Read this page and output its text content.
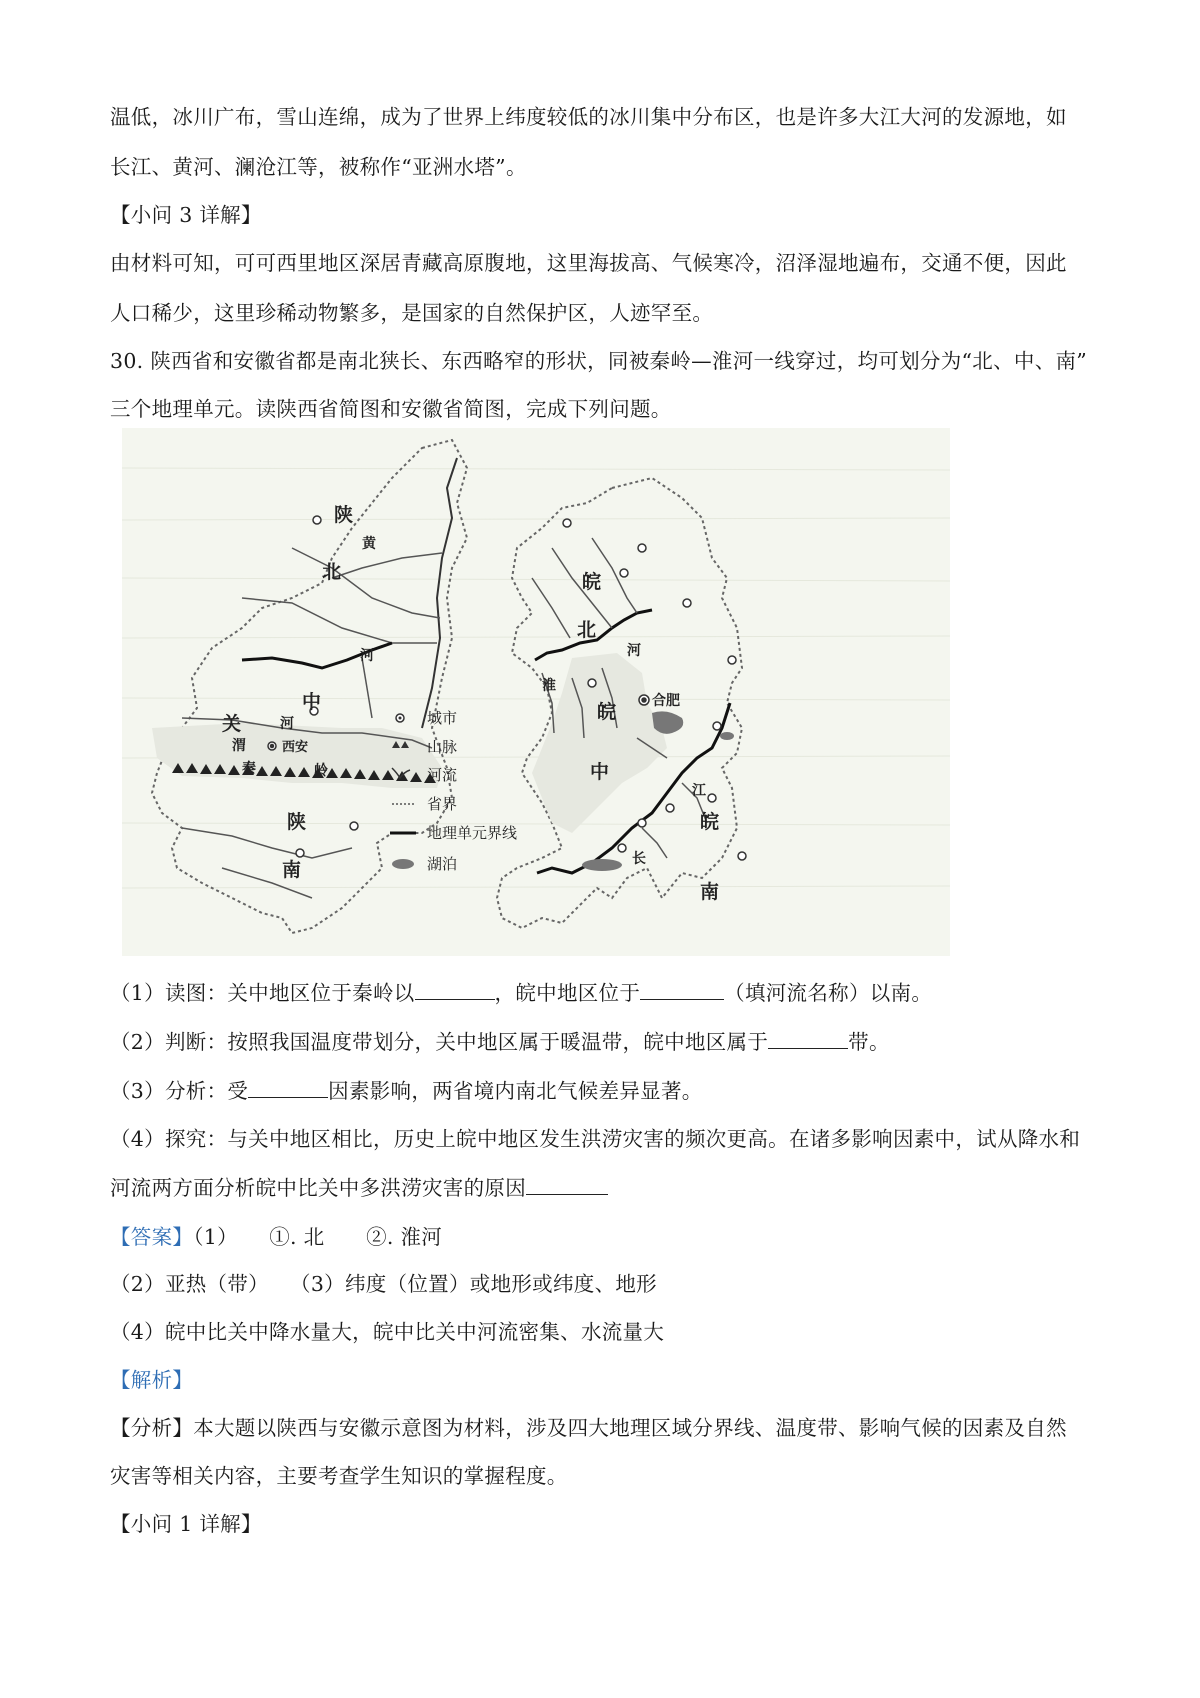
温低，冰川广布，雪山连绵，成为了世界上纬度较低的冰川集中分布区，也是许多大江大河的发源地，如
长江、黄河、澜沧江等，被称作“亚洲水塔”。
【小问 3 详解】
由材料可知，可可西里地区深居青藏高原腹地，这里海拔高、气候寒冷，沼泽湿地遍布，交通不便，因此
人口稀少，这里珍稀动物繁多，是国家的自然保护区，人迹罕至。
30. 陕西省和安徽省都是南北狭长、东西略窄的形状，同被秦岭—淮河一线穿过，均可划分为“北、中、南”
三个地理单元。读陕西省简图和安徽省简图，完成下列问题。
陕
北
黄
河
关
中
河
渭	西安
秦	岭
陕
南
城市
山脉
河流
省界
地理单元界线
湖泊
皖
北
河
淮
皖	合肥
中
江
皖
长
南
（1）读图：关中地区位于秦岭以	，皖中地区位于	（填河流名称）以南。
（2）判断：按照我国温度带划分，关中地区属于暖温带，皖中地区属于	带。
（3）分析：受	因素影响，两省境内南北气候差异显著。
（4）探究：与关中地区相比，历史上皖中地区发生洪涝灾害的频次更高。在诸多影响因素中，试从降水和
河流两方面分析皖中比关中多洪涝灾害的原因
【答案】（1）　　①. 北　　②. 淮河
（2）亚热（带）　　（3）纬度（位置）或地形或纬度、地形
（4）皖中比关中降水量大，皖中比关中河流密集、水流量大
【解析】
【分析】本大题以陕西与安徽示意图为材料，涉及四大地理区域分界线、温度带、影响气候的因素及自然
灾害等相关内容，主要考查学生知识的掌握程度。
【小问 1 详解】
